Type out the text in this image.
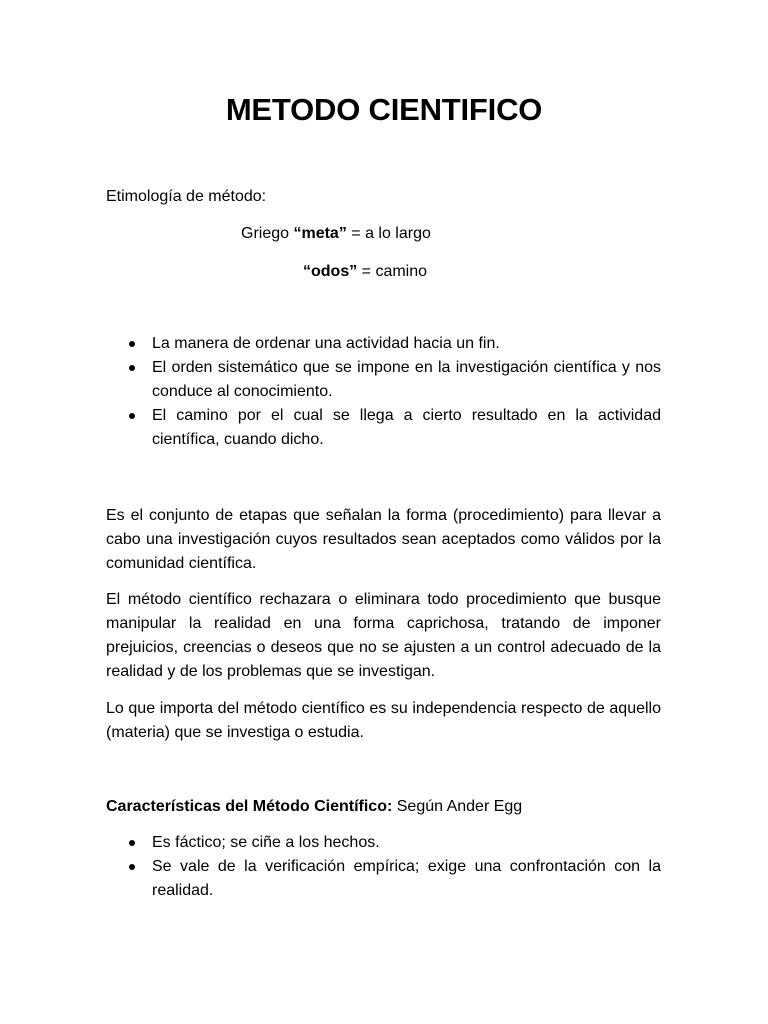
METODO CIENTIFICO
Etimología de método:
Griego “meta” = a lo largo
“odos” = camino
La manera de ordenar una actividad hacia un fin.
El orden sistemático que se impone en la investigación científica y nos conduce al conocimiento.
El camino por el cual se llega a cierto resultado en la actividad científica, cuando dicho.

Es el conjunto de etapas que señalan la forma (procedimiento) para llevar a cabo una investigación cuyos resultados sean aceptados como válidos por la comunidad científica.

El método científico rechazara o eliminara todo procedimiento que busque manipular la realidad en una forma caprichosa, tratando de imponer prejuicios, creencias o deseos que no se ajusten a un control adecuado de la realidad y de los problemas que se investigan.

Lo que importa del método científico es su independencia respecto de aquello (materia) que se investiga o estudia.

Características del Método Científico: Según Ander Egg
Es fáctico; se ciñe a los hechos.
Se vale de la verificación empírica; exige una confrontación con la realidad.
